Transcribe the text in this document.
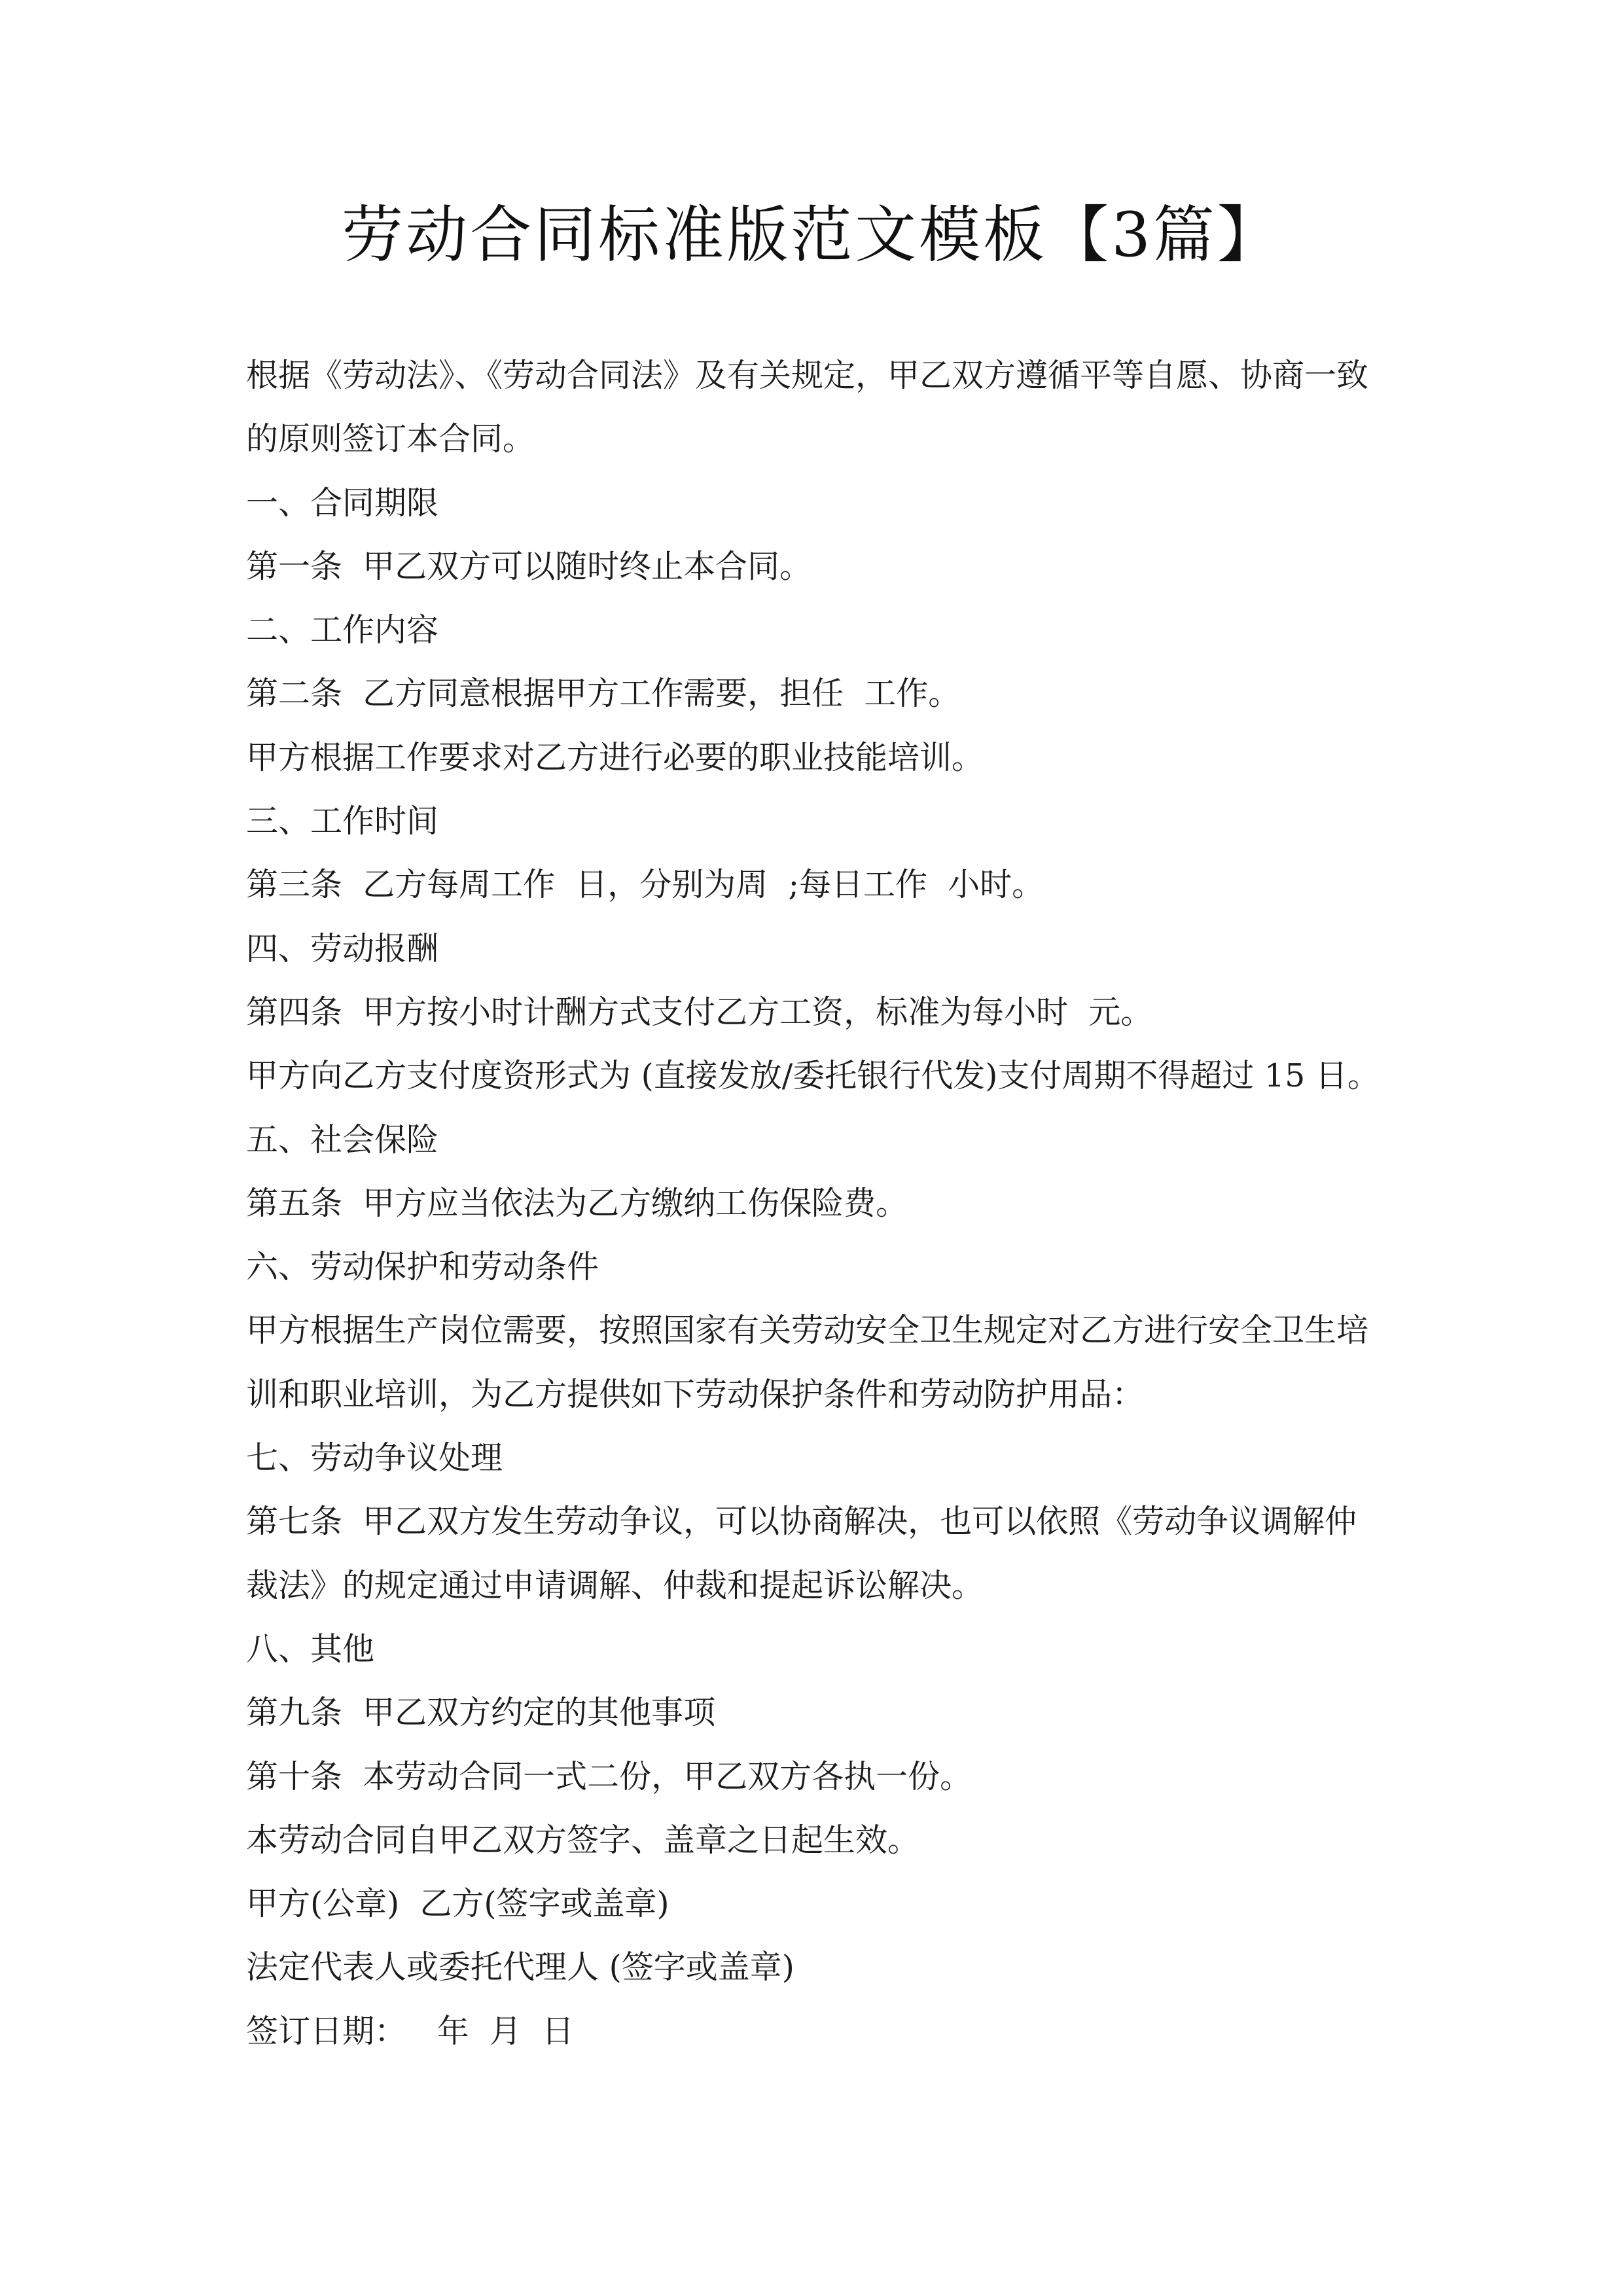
劳动合同标准版范文模板【3篇】
根据《劳动法》、《劳动合同法》及有关规定，甲乙双方遵循平等自愿、协商一致
的原则签订本合同。
一、合同期限
第一条  甲乙双方可以随时终止本合同。
二、工作内容
第二条  乙方同意根据甲方工作需要，担任  工作。
甲方根据工作要求对乙方进行必要的职业技能培训。
三、工作时间
第三条  乙方每周工作  日，分别为周  ;每日工作  小时。
四、劳动报酬
第四条  甲方按小时计酬方式支付乙方工资，标准为每小时  元。
甲方向乙方支付度资形式为 (直接发放/委托银行代发)支付周期不得超过 15 日。
五、社会保险
第五条  甲方应当依法为乙方缴纳工伤保险费。
六、劳动保护和劳动条件
甲方根据生产岗位需要，按照国家有关劳动安全卫生规定对乙方进行安全卫生培
训和职业培训，为乙方提供如下劳动保护条件和劳动防护用品：
七、劳动争议处理
第七条  甲乙双方发生劳动争议，可以协商解决，也可以依照《劳动争议调解仲
裁法》的规定通过申请调解、仲裁和提起诉讼解决。
八、其他
第九条  甲乙双方约定的其他事项
第十条  本劳动合同一式二份，甲乙双方各执一份。
本劳动合同自甲乙双方签字、盖章之日起生效。
甲方(公章)  乙方(签字或盖章)
法定代表人或委托代理人 (签字或盖章)
签订日期：   年  月  日
